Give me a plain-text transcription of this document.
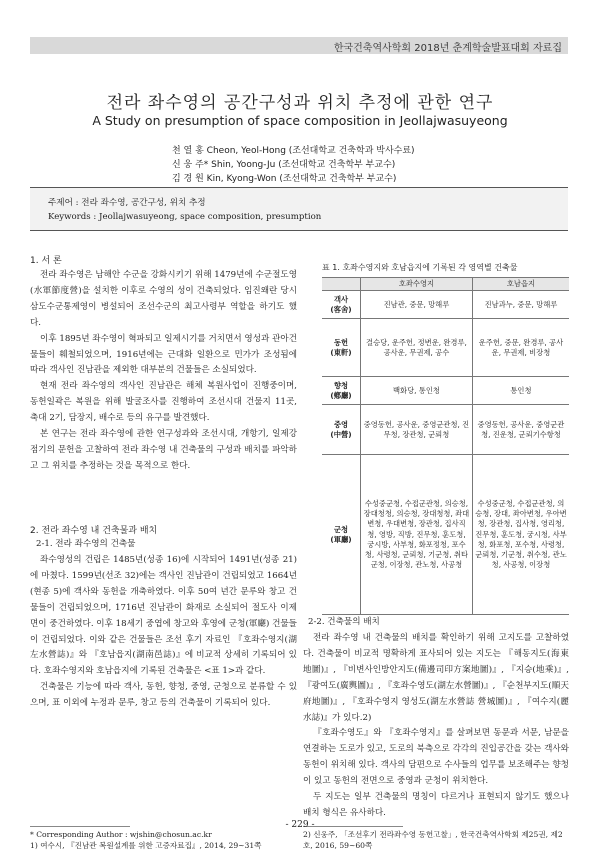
한국건축역사학회 2018년 춘계학술발표대회 자료집
전라 좌수영의 공간구성과 위치 추정에 관한 연구
A Study on presumption of space composition in Jeollajwasuyeong
천 열 홍 Cheon, Yeol-Hong (조선대학교 건축학과 박사수료)
신 웅 주* Shin, Yoong-Ju (조선대학교 건축학부 부교수)
김 경 원 Kin, Kyong-Won (조선대학교 건축학부 부교수)
주제어 : 전라 좌수영, 공간구성, 위치 추정
Keywords : Jeollajwasuyeong, space composition, presumption
1. 서 론

전라 좌수영은 남해안 수군을 강화시키기 위해 1479년에 수군절도영(水軍節度營)을 설치한 이후로 수영의 성이 건축되었다. 임진왜란 당시 삼도수군통제영이 병설되어 조선수군의 최고사령부 역할을 하기도 했다.

이후 1895년 좌수영이 혁파되고 일제시기를 거치면서 영성과 관아건물들이 훼철되었으며, 1916년에는 근대화 일환으로 민가가 조성됨에 따라 객사인 진남관을 제외한 대부분의 건물들은 소실되었다.

현재 전라 좌수영의 객사인 진남관은 해체 복원사업이 진행중이며, 동헌일곽은 복원을 위해 발굴조사를 진행하여 조선시대 건물지 11곳, 축대 2기, 담장지, 배수로 등의 유구를 발견했다.

본 연구는 전라 좌수영에 관한 연구성과와 조선시대, 개항기, 일제강점기의 문헌을 고찰하여 전라 좌수영 내 건축물의 구성과 배치를 파악하고 그 위치를 추정하는 것을 목적으로 한다.

2. 전라 좌수영 내 건축물과 배치
2-1. 전라 좌수영의 건축물

좌수영성의 건립은 1485년(성종 16)에 시작되어 1491년(성종 21)에 마쳤다. 1599년(선조 32)에는 객사인 진남관이 건립되었고 1664년(현종 5)에 객사와 동헌을 개축하였다. 이후 50여 년간 문루와 창고 건물들이 건립되었으며, 1716년 진남관이 화재로 소실되어 절도사 이제면이 중건하였다. 이후 18세기 중엽에 창고와 후영에 군청(軍廳) 건물들이 건립되었다. 이와 같은 건물들은 조선 후기 자료인 『호좌수영지(湖左水營誌)』와 『호남읍지(湖南邑誌)』에 비교적 상세히 기록되어 있다. 호좌수영지와 호남읍지에 기록된 건축물은 <표 1>과 같다.

건축물은 기능에 따라 객사, 동헌, 향청, 중영, 군청으로 분류할 수 있으며, 표 이외에 누정과 문루, 창고 등의 건축물이 기록되어 있다.

* Corresponding Author : wjshin@chosun.ac.kr
1) 여수시, 『진남관 복원설계를 위한 고증자료집』, 2014, 29~31쪽
표 1. 호좌수영지와 호남읍지에 기록된 각 영역별 건축물
	호좌수영지	호남읍지
객사
(客舍)	진남관, 중문, 망해루	진남과누, 중문, 망해루
동헌
(東軒)	결승당, 운주헌, 정변운, 완경루, 공사운, 무권제, 공수	운주헌, 중문, 완경루, 공사운, 무권제, 비장청
향청
(鄕廳)	백화당, 통인청	통인청
중영
(中營)	중영동헌, 공사운, 중영군관청, 진무청, 장관청, 군뢰청	중영동헌, 공사운, 중영군관청, 진운청, 군뢰기수항청
군청
(軍廳)	수성중군청, 수접군관청, 의승청, 장대청청, 의승청, 장대청청, 좌대변청, 우대변청, 장관청, 집사직청, 영방, 직방, 진무청, 훈도청, 궁시방, 사부청, 화포정청, 포수청, 사령청, 군뢰청, 기군청, 취타군청, 이장청, 관노청, 사공청	수성중군청, 수접군관청, 의승청, 장대, 좌아변청, 우아변청, 장관청, 집사청, 영리청, 진무청, 훈도청, 궁시청, 사부청, 화포청, 포수청, 사령청, 군뢰청, 기군청, 취수청, 관노청, 사공청, 이장청
2-2. 건축물의 배치

전라 좌수영 내 건축물의 배치를 확인하기 위해 고지도를 고찰하였다. 건축물이 비교적 명확하게 표사되어 있는 지도는 『해동지도(海東地圖)』, 『비변사인방안지도(備邊司印方案地圖)』, 『지승(地乘)』, 『광여도(廣輿圖)』, 『호좌수영도(湖左水營圖)』, 『순천부지도(順天府地圖)』, 『호좌수영지 영성도(湖左水營誌 營城圖)』, 『여수지(麗水誌)』가 있다.2)

『호좌수영도』와 『호좌수영지』를 살펴보면 동문과 서문, 남문을 연결하는 도로가 있고, 도로의 북측으로 각각의 진입공간을 갖는 객사와 동헌이 위치해 있다. 객사의 담편으로 수사들의 업무를 보조해주는 향청이 있고 동헌의 전면으로 중영과 군청이 위치한다.

두 지도는 일부 건축물의 명칭이 다르거나 표현되지 않기도 했으나 배치 형식은 유사하다.

2) 신웅주, 「조선후기 전라좌수영 동헌고찰」, 한국건축역사학회 제25권, 제2호, 2016, 59~60쪽
- 229 -
